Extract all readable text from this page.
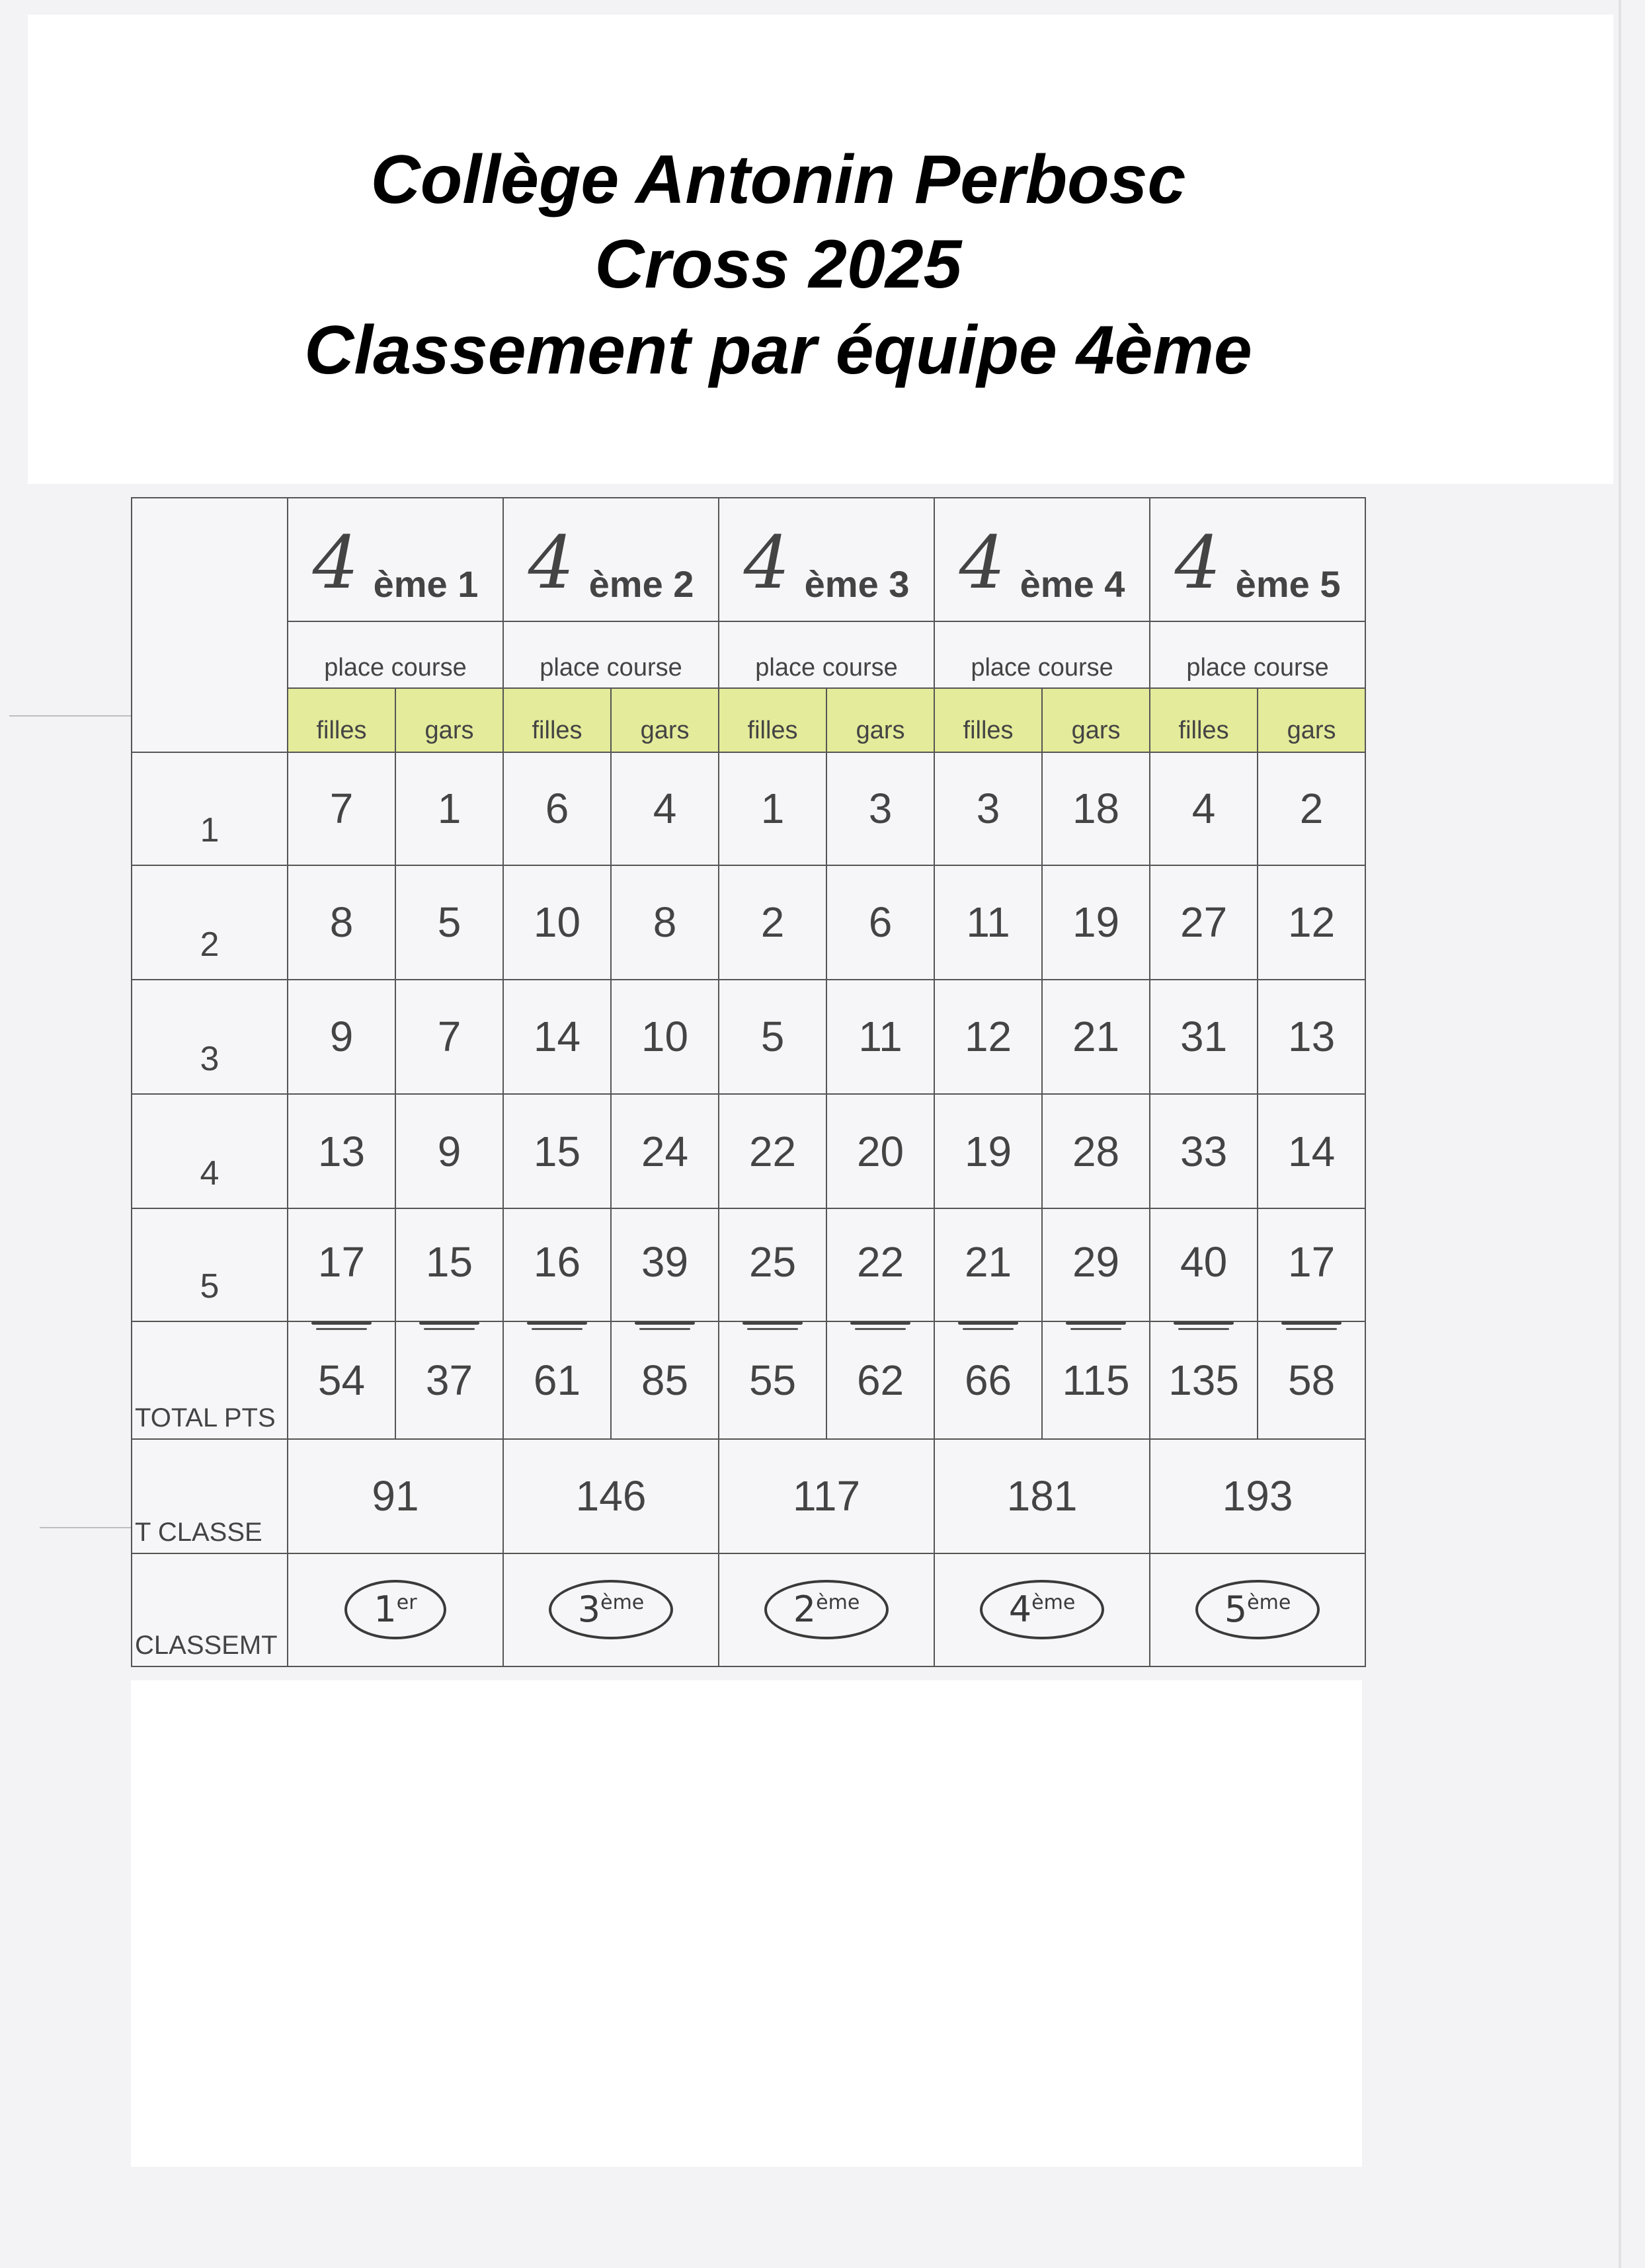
Collège Antonin Perbosc
Cross 2025
Classement par équipe 4ème
	4 ème 1		4 ème 2		4 ème 3		4 ème 4		4 ème 5	
	place course		place course		place course		place course		place course	
	filles	gars	filles	gars	filles	gars	filles	gars	filles	gars
1	7	1	6	4	1	3	3	18	4	2
2	8	5	10	8	2	6	11	19	27	12
3	9	7	14	10	5	11	12	21	31	13
4	13	9	15	24	22	20	19	28	33	14
5	17	15	16	39	25	22	21	29	40	17

TOTAL PTS	54	37	61	85	55	62	66	115	135	58
T CLASSE	91		146		117		181		193	
CLASSEMT	1er		3ème		2ème		4ème		5ème
